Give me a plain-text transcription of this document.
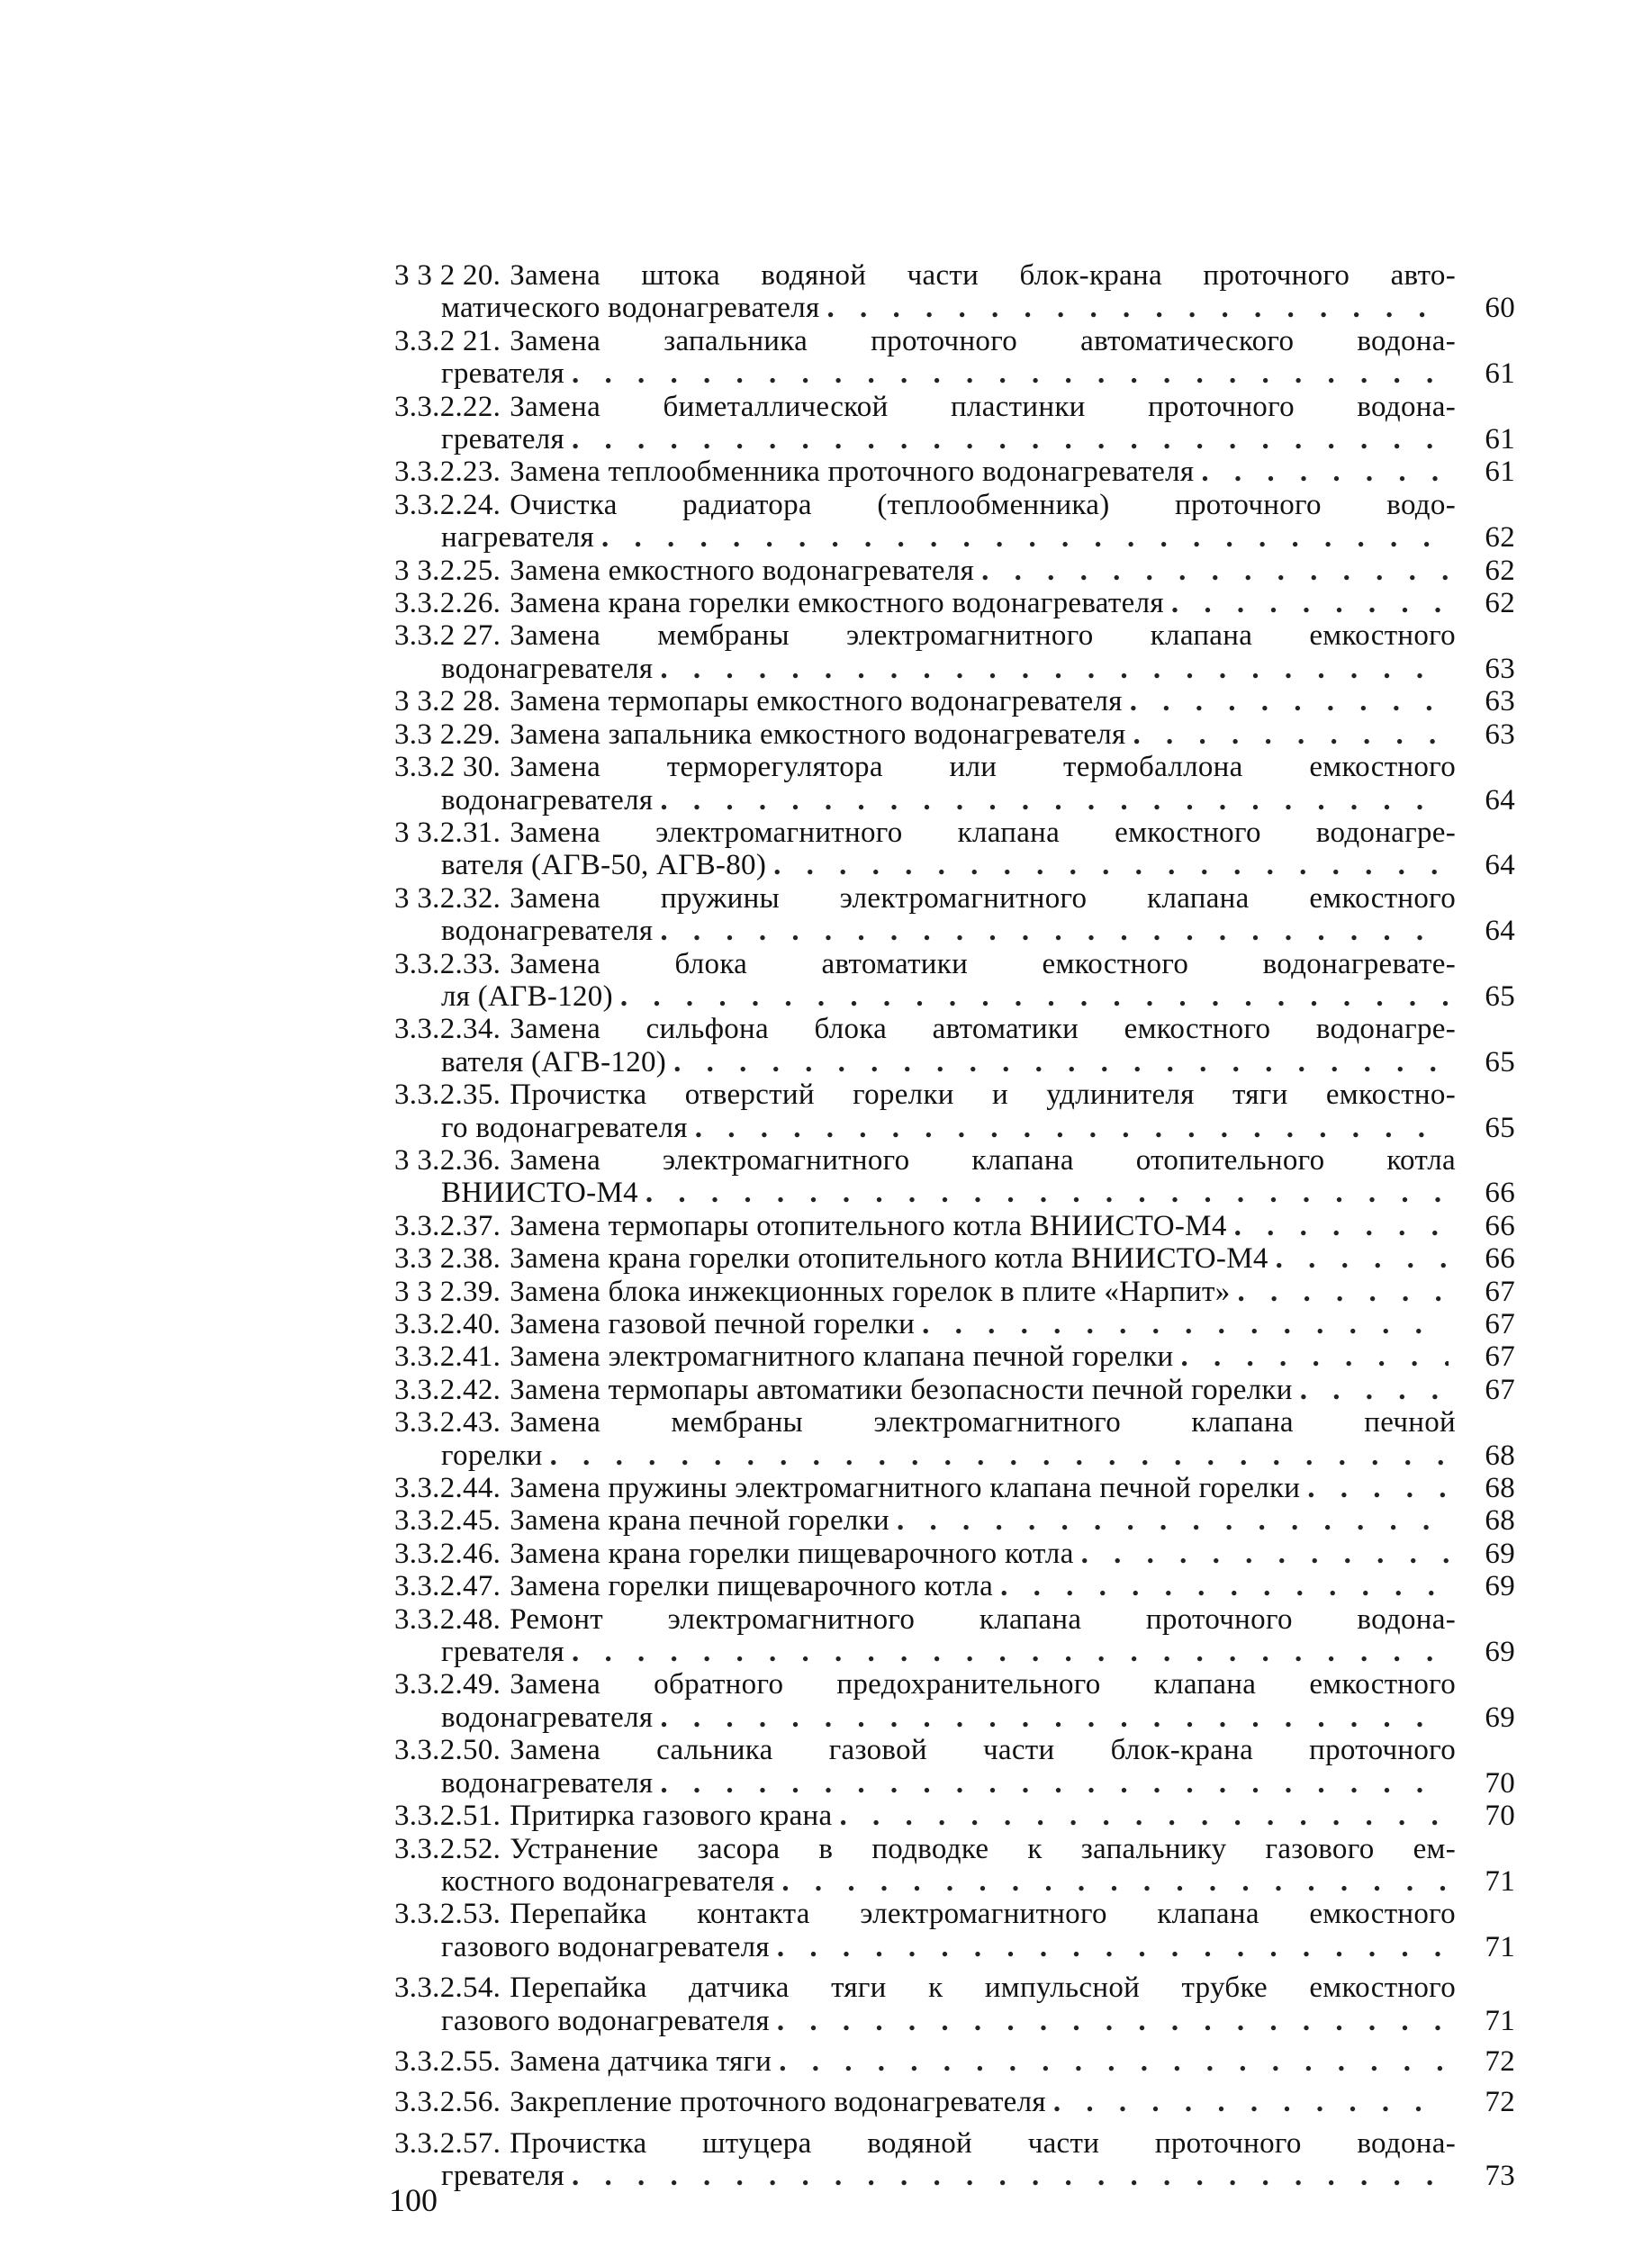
3 3 2 20. Замена штока водяной части блок-крана проточного авто-
матического водонагревателя . . .	60
3.3.2 21. Замена запальника проточного автоматического водона-
гревателя . . .	61
3.3.2.22. Замена биметаллической пластинки проточного водона-
гревателя . . .	61
3.3.2.23. Замена теплообменника проточного водонагревателя . . .	61
3.3.2.24. Очистка радиатора (теплообменника) проточного водо-
нагревателя . . .	62
3 3.2.25. Замена емкостного водонагревателя . . .	62
3.3.2.26. Замена крана горелки емкостного водонагревателя . . .	62
3.3.2 27. Замена мембраны электромагнитного клапана емкостного
водонагревателя . . .	63
3 3.2 28. Замена термопары емкостного водонагревателя . . .	63
3.3 2.29. Замена запальника емкостного водонагревателя . . .	63
3.3.2 30. Замена терморегулятора или термобаллона емкостного
водонагревателя . . .	64
3 3.2.31. Замена электромагнитного клапана емкостного водонагре-
вателя (АГВ-50, АГВ-80) . . .	64
3 3.2.32. Замена пружины электромагнитного клапана емкостного
водонагревателя . . .	64
3.3.2.33. Замена блока автоматики емкостного водонагревате-
ля (АГВ-120) . . .	65
3.3.2.34. Замена сильфона блока автоматики емкостного водонагре-
вателя (АГВ-120) . . .	65
3.3.2.35. Прочистка отверстий горелки и удлинителя тяги емкостно-
го водонагревателя . . .	65
3 3.2.36. Замена электромагнитного клапана отопительного котла
ВНИИСТО-М4 . . .	66
3.3.2.37. Замена термопары отопительного котла ВНИИСТО-М4 . . .	66
3.3 2.38. Замена крана горелки отопительного котла ВНИИСТО-М4 . . .	66
3 3 2.39. Замена блока инжекционных горелок в плите «Нарпит» . . .	67
3.3.2.40. Замена газовой печной горелки . . .	67
3.3.2.41. Замена электромагнитного клапана печной горелки . . .	67
3.3.2.42. Замена термопары автоматики безопасности печной горелки . . .	67
3.3.2.43. Замена мембраны электромагнитного клапана печной
горелки . . .	68
3.3.2.44. Замена пружины электромагнитного клапана печной горелки . . .	68
3.3.2.45. Замена крана печной горелки . . .	68
3.3.2.46. Замена крана горелки пищеварочного котла . . .	69
3.3.2.47. Замена горелки пищеварочного котла . . .	69
3.3.2.48. Ремонт электромагнитного клапана проточного водона-
гревателя . . .	69
3.3.2.49. Замена обратного предохранительного клапана емкостного
водонагревателя . . .	69
3.3.2.50. Замена сальника газовой части блок-крана проточного
водонагревателя . . .	70
3.3.2.51. Притирка газового крана . . .	70
3.3.2.52. Устранение засора в подводке к запальнику газового ем-
костного водонагревателя . . .	71
3.3.2.53. Перепайка контакта электромагнитного клапана емкостного
газового водонагревателя . . .	71
3.3.2.54. Перепайка датчика тяги к импульсной трубке емкостного
газового водонагревателя . . .	71
3.3.2.55. Замена датчика тяги . . .	72
3.3.2.56. Закрепление проточного водонагревателя . . .	72
3.3.2.57. Прочистка штуцера водяной части проточного водона-
гревателя . . .	73
100
